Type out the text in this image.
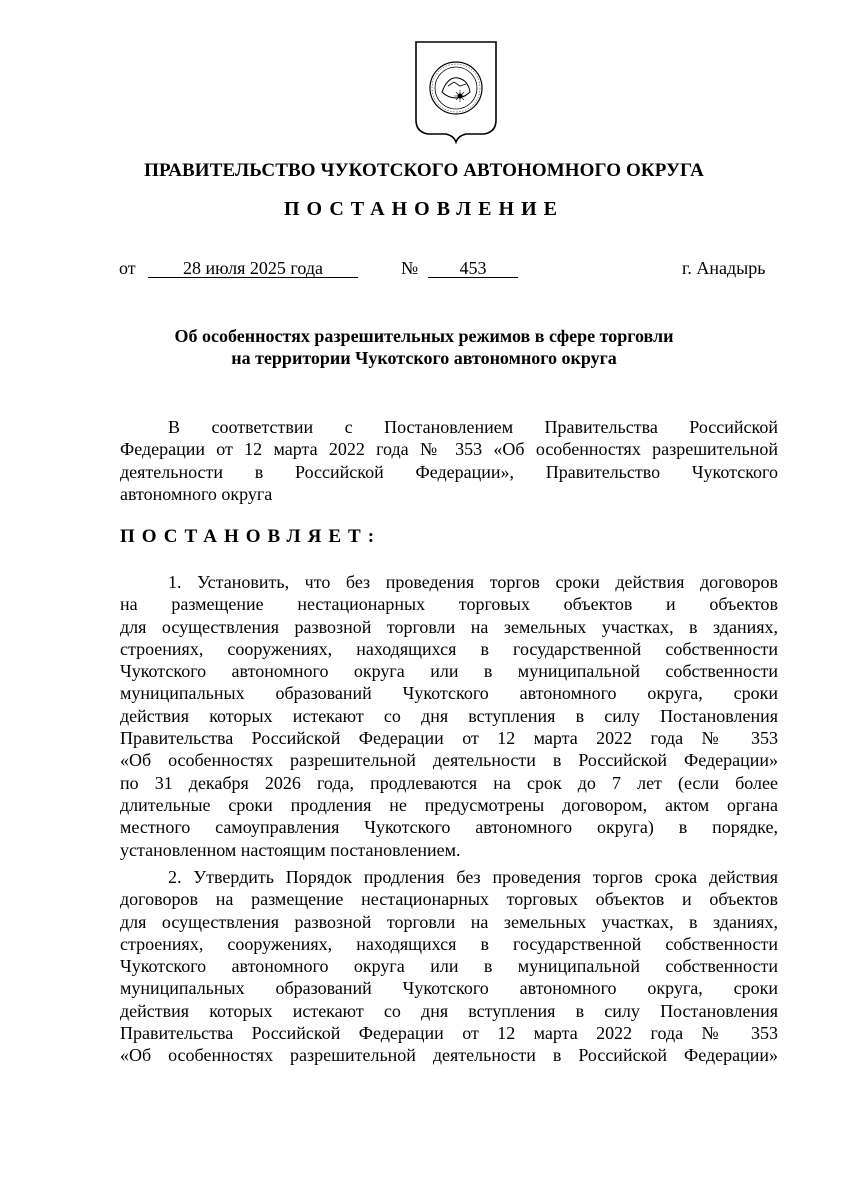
ПРАВИТЕЛЬСТВО ЧУКОТСКОГО АВТОНОМНОГО ОКРУГА
ПОСТАНОВЛЕНИЕ
от	28 июля 2025 года	№	453	г. Анадырь
Об особенностях разрешительных режимов в сфере торговли
на территории Чукотского автономного округа
В соответствии с Постановлением Правительства Российской
Федерации от 12 марта 2022 года № 353 «Об особенностях разрешительной
деятельности в Российской Федерации», Правительство Чукотского
автономного округа
ПОСТАНОВЛЯЕТ:
1. Установить, что без проведения торгов сроки действия договоров
на размещение нестационарных торговых объектов и объектов
для осуществления развозной торговли на земельных участках, в зданиях,
строениях, сооружениях, находящихся в государственной собственности
Чукотского автономного округа или в муниципальной собственности
муниципальных образований Чукотского автономного округа, сроки
действия которых истекают со дня вступления в силу Постановления
Правительства Российской Федерации от 12 марта 2022 года № 353
«Об особенностях разрешительной деятельности в Российской Федерации»
по 31 декабря 2026 года, продлеваются на срок до 7 лет (если более
длительные сроки продления не предусмотрены договором, актом органа
местного самоуправления Чукотского автономного округа) в порядке,
установленном настоящим постановлением.
2. Утвердить Порядок продления без проведения торгов срока действия
договоров на размещение нестационарных торговых объектов и объектов
для осуществления развозной торговли на земельных участках, в зданиях,
строениях, сооружениях, находящихся в государственной собственности
Чукотского автономного округа или в муниципальной собственности
муниципальных образований Чукотского автономного округа, сроки
действия которых истекают со дня вступления в силу Постановления
Правительства Российской Федерации от 12 марта 2022 года № 353
«Об особенностях разрешительной деятельности в Российской Федерации»
